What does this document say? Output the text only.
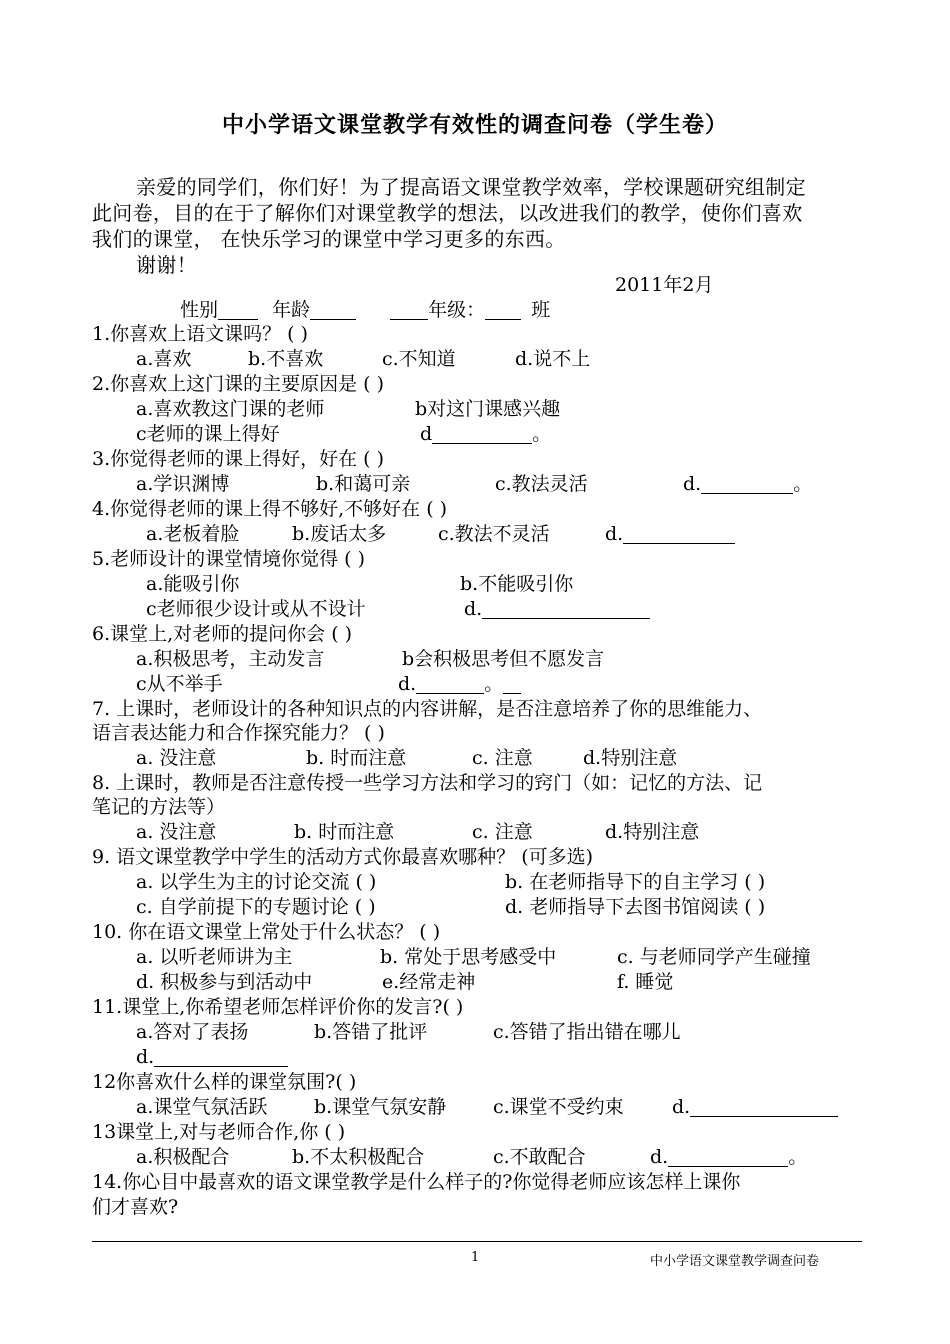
中小学语文课堂教学有效性的调查问卷（学生卷）
亲爱的同学们，你们好！为了提高语文课堂教学效率，学校课题研究组制定
此问卷，目的在于了解你们对课堂教学的想法，以改进我们的教学，使你们喜欢
我们的课堂， 在快乐学习的课堂中学习更多的东西。
谢谢！
2011年2月
性别	年龄	年级： 班
1.你喜欢上语文课吗？ ( )
a.喜欢	b.不喜欢	c.不知道	d.说不上
2.你喜欢上这门课的主要原因是 ( )
a.喜欢教这门课的老师	b对这门课感兴趣
c老师的课上得好	d	。
3.你觉得老师的课上得好，好在 ( )
a.学识渊博	b.和蔼可亲	c.教法灵活	d.	。
4.你觉得老师的课上得不够好,不够好在 ( )
a.老板着脸	b.废话太多	c.教法不灵活	d.
5.老师设计的课堂情境你觉得 ( )
a.能吸引你	b.不能吸引你
c老师很少设计或从不设计	d.
6.课堂上,对老师的提问你会 ( )
a.积极思考，主动发言	b会积极思考但不愿发言
c从不举手	d.	。
7. 上课时，老师设计的各种知识点的内容讲解，是否注意培养了你的思维能力、
语言表达能力和合作探究能力？ ( )
a. 没注意	b. 时而注意	c. 注意	d.特别注意
8. 上课时，教师是否注意传授一些学习方法和学习的窍门（如：记忆的方法、记
笔记的方法等）
a. 没注意	b. 时而注意	c. 注意	d.特别注意
9. 语文课堂教学中学生的活动方式你最喜欢哪种？ (可多选)
a. 以学生为主的讨论交流 ( )	b. 在老师指导下的自主学习 ( )
c. 自学前提下的专题讨论 ( )	d. 老师指导下去图书馆阅读 ( )
10. 你在语文课堂上常处于什么状态？ ( )
a. 以听老师讲为主	b. 常处于思考感受中	c. 与老师同学产生碰撞
d. 积极参与到活动中	e.经常走神	f. 睡觉
11.课堂上,你希望老师怎样评价你的发言?( )
a.答对了表扬	b.答错了批评	c.答错了指出错在哪儿
d.
12你喜欢什么样的课堂氛围?( )
a.课堂气氛活跃 b.课堂气氛安静 c.课堂不受约束	d.
13课堂上,对与老师合作,你 ( )
a.积极配合	b.不太积极配合	c.不敢配合	d.	。
14.你心目中最喜欢的语文课堂教学是什么样子的?你觉得老师应该怎样上课你
们才喜欢?
1	中小学语文课堂教学调查问卷
